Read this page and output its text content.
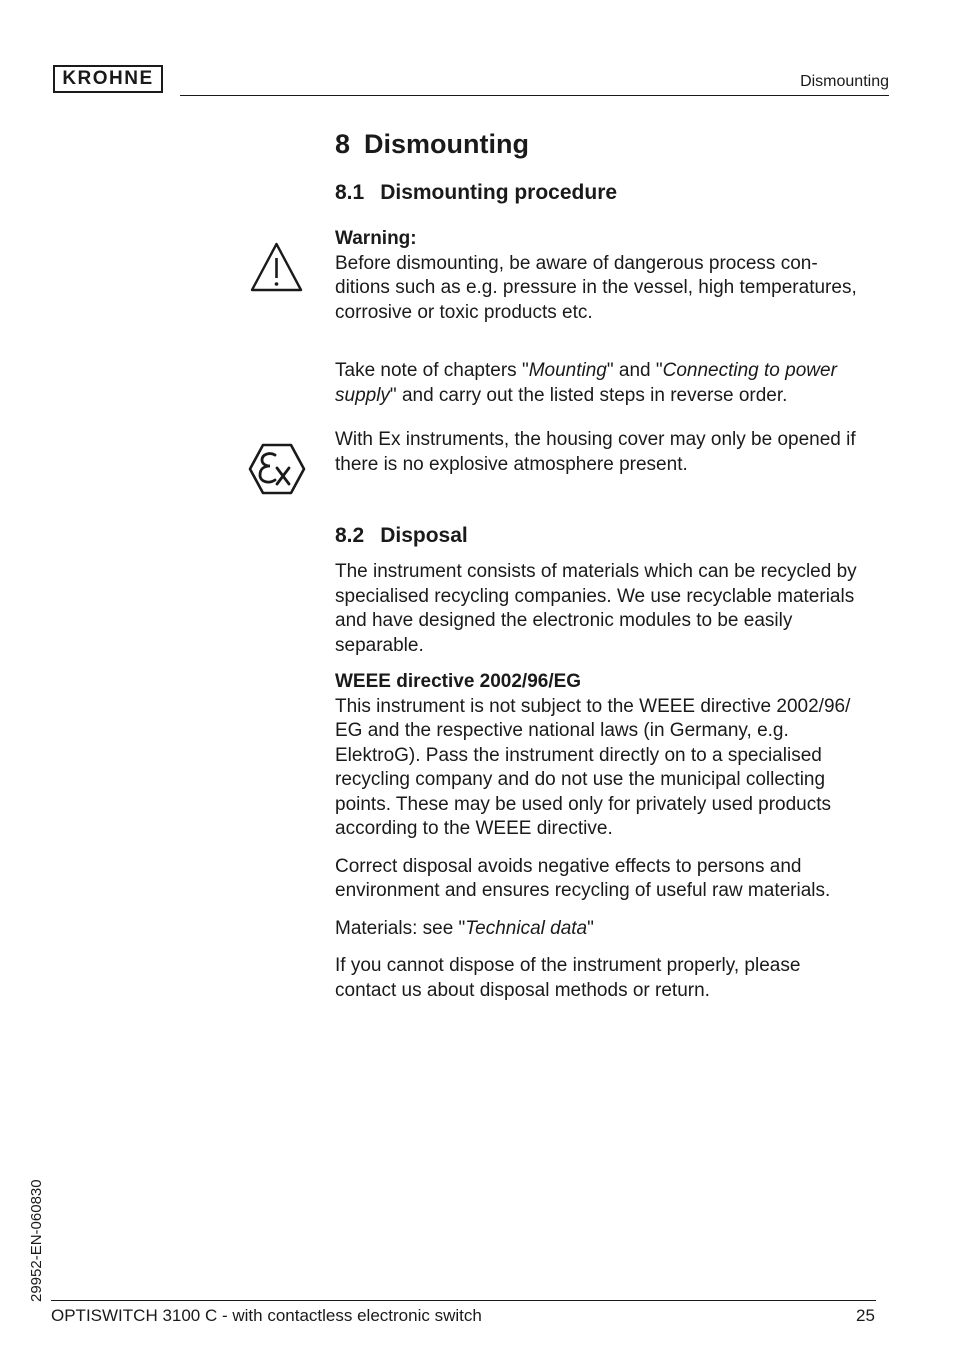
KROHNE	Dismounting
8 Dismounting
8.1 Dismounting procedure
Warning:
Before dismounting, be aware of dangerous process con-
ditions such as e.g. pressure in the vessel, high temperatures,
corrosive or toxic products etc.
Take note of chapters "Mounting" and "Connecting to power
supply" and carry out the listed steps in reverse order.
With Ex instruments, the housing cover may only be opened if
there is no explosive atmosphere present.
8.2 Disposal
The instrument consists of materials which can be recycled by
specialised recycling companies. We use recyclable materials
and have designed the electronic modules to be easily
separable.
WEEE directive 2002/96/EG
This instrument is not subject to the WEEE directive 2002/96/
EG and the respective national laws (in Germany, e.g.
ElektroG). Pass the instrument directly on to a specialised
recycling company and do not use the municipal collecting
points. These may be used only for privately used products
according to the WEEE directive.
Correct disposal avoids negative effects to persons and
environment and ensures recycling of useful raw materials.
Materials: see "Technical data"
If you cannot dispose of the instrument properly, please
contact us about disposal methods or return.
29952-EN-060830
OPTISWITCH 3100 C - with contactless electronic switch	25
